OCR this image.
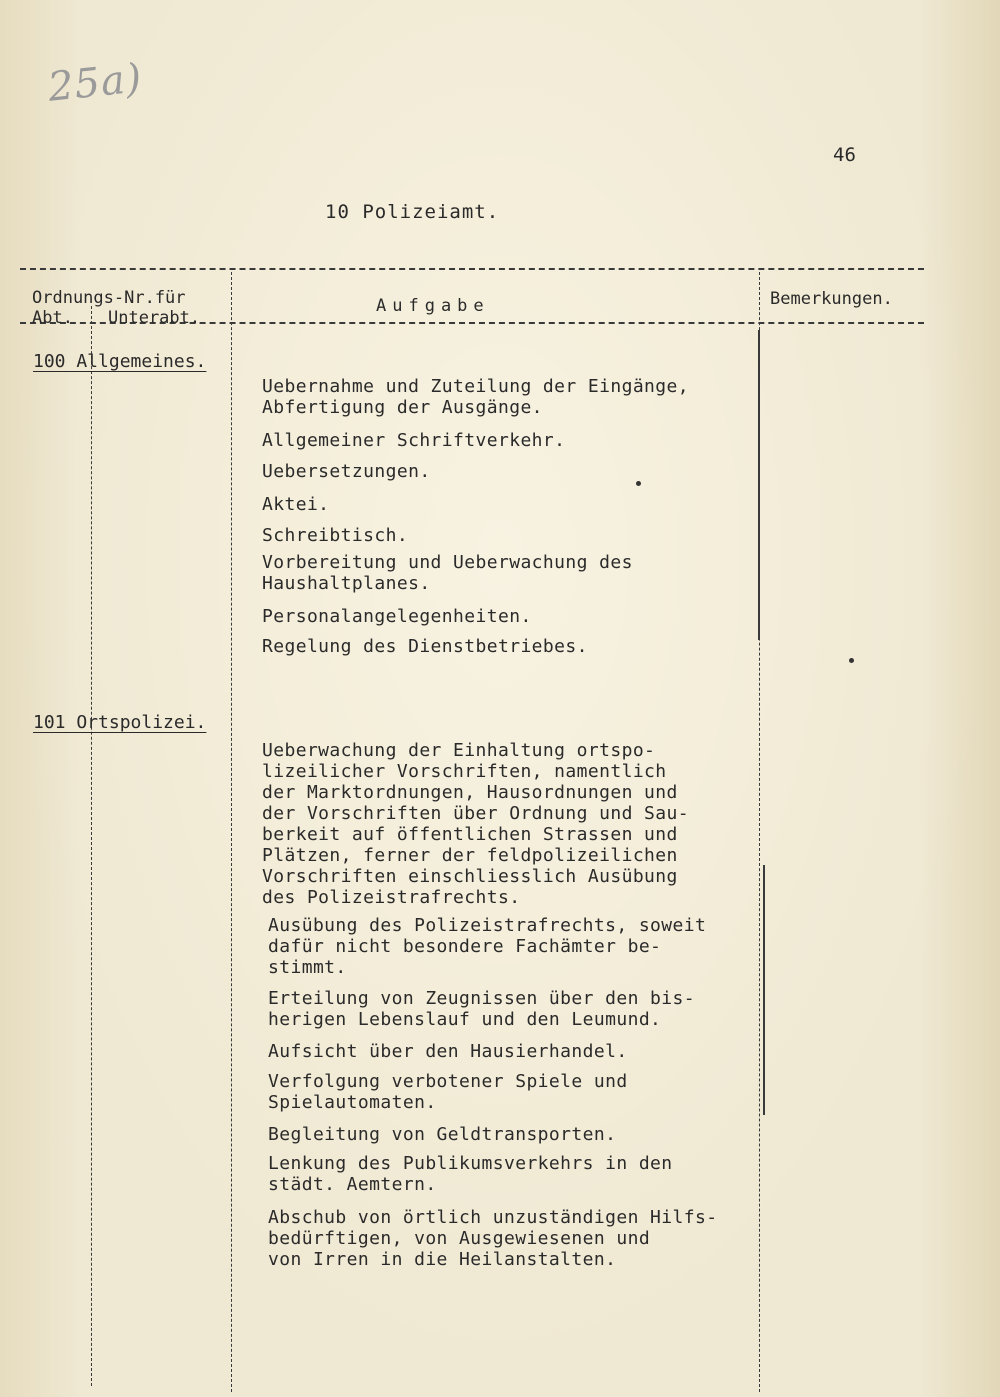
25a)
46
10 Polizeiamt.
Ordnungs-Nr.für
Abt. Unterabt.
Aufgabe	Bemerkungen.
100 Allgemeines.
Uebernahme und Zuteilung der Eingänge,
Abfertigung der Ausgänge.
Allgemeiner Schriftverkehr.
Uebersetzungen.
Aktei.
Schreibtisch.
Vorbereitung und Ueberwachung des
Haushaltplanes.
Personalangelegenheiten.
Regelung des Dienstbetriebes.
101 Ortspolizei.
Ueberwachung der Einhaltung ortspo-
lizeilicher Vorschriften, namentlich
der Marktordnungen, Hausordnungen und
der Vorschriften über Ordnung und Sau-
berkeit auf öffentlichen Strassen und
Plätzen, ferner der feldpolizeilichen
Vorschriften einschliesslich Ausübung
des Polizeistrafrechts.
Ausübung des Polizeistrafrechts, soweit
dafür nicht besondere Fachämter be-
stimmt.
Erteilung von Zeugnissen über den bis-
herigen Lebenslauf und den Leumund.
Aufsicht über den Hausierhandel.
Verfolgung verbotener Spiele und
Spielautomaten.
Begleitung von Geldtransporten.
Lenkung des Publikumsverkehrs in den
städt. Aemtern.
Abschub von örtlich unzuständigen Hilfs-
bedürftigen, von Ausgewiesenen und
von Irren in die Heilanstalten.
